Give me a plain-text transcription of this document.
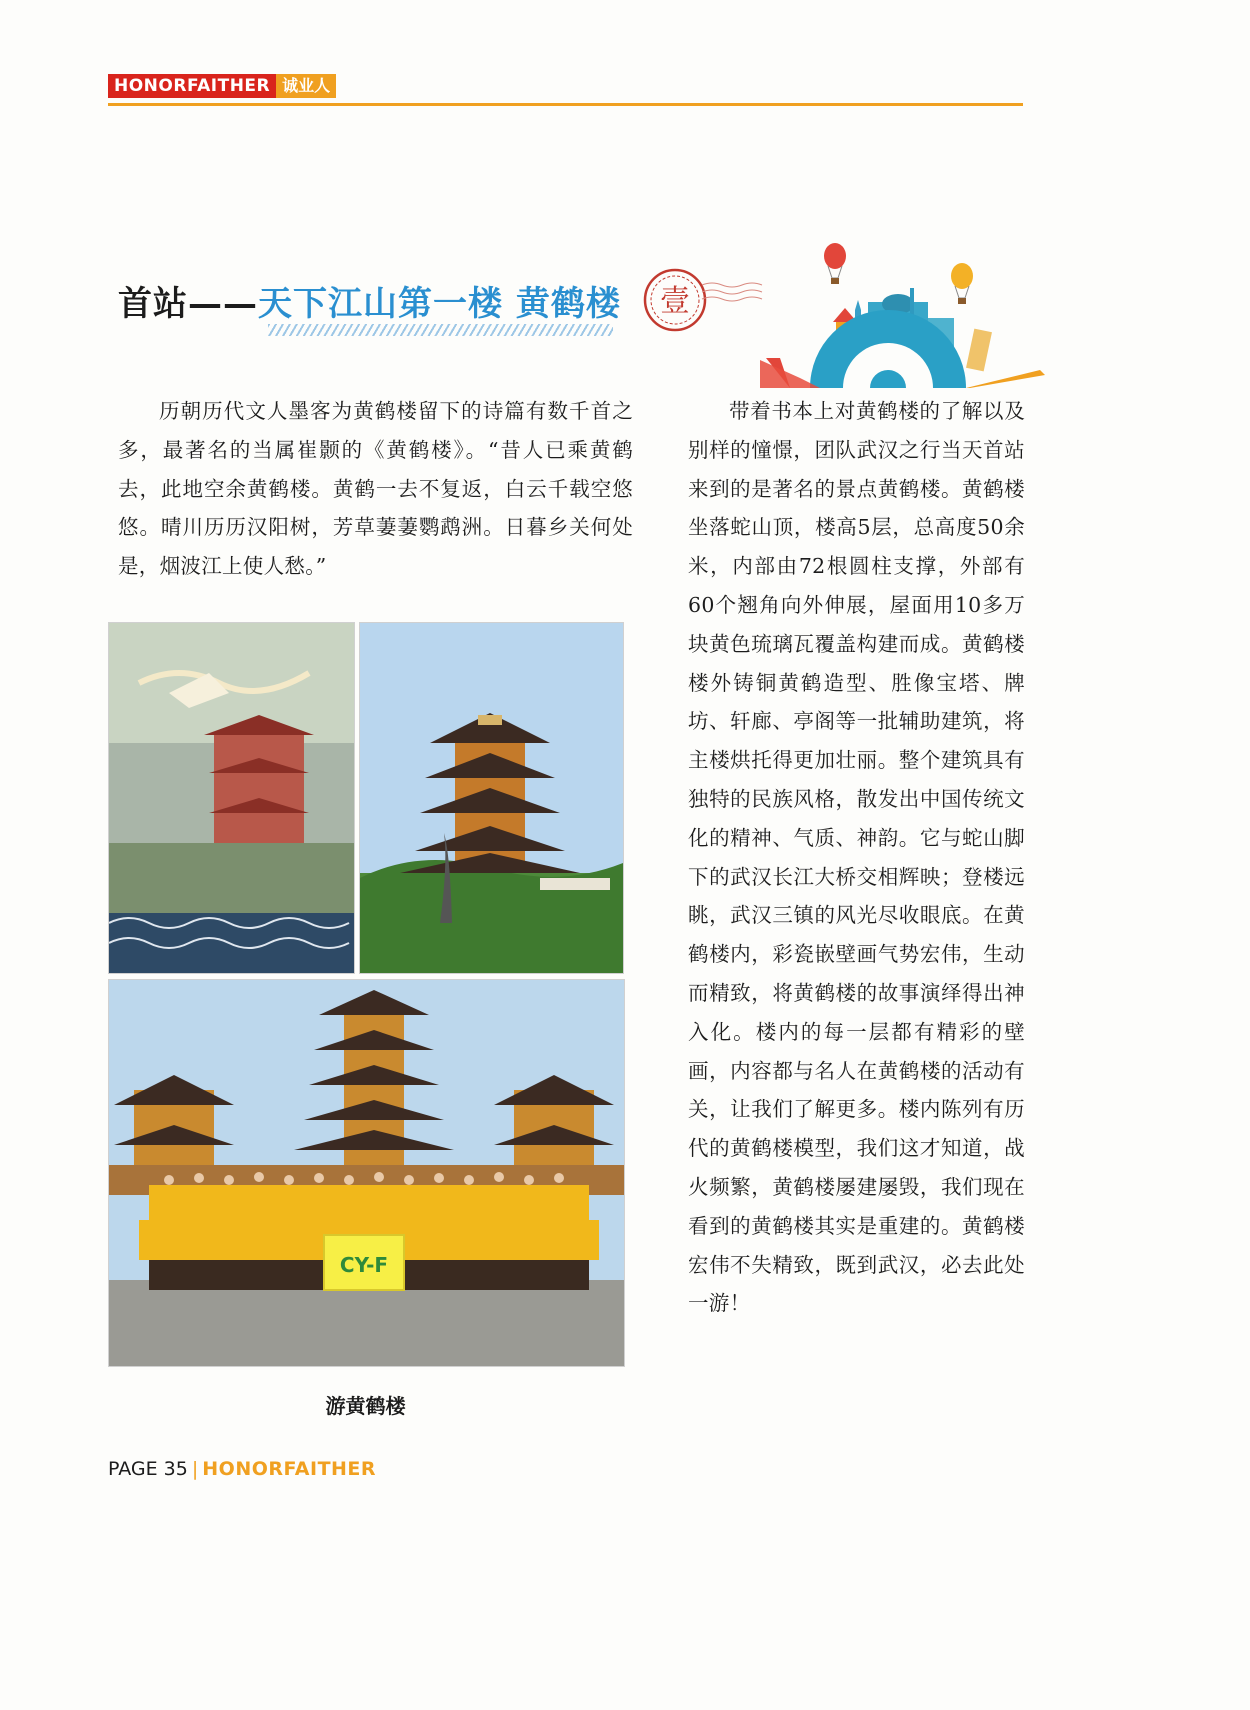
HONORFAITHER 诚业人
首站——天下江山第一楼 黄鹤楼 壹
历朝历代文人墨客为黄鹤楼留下的诗篇有数千首之多，最著名的当属崔颢的《黄鹤楼》。“昔人已乘黄鹤去，此地空余黄鹤楼。黄鹤一去不复返，白云千载空悠悠。晴川历历汉阳树，芳草萋萋鹦鹉洲。日暮乡关何处是，烟波江上使人愁。”
带着书本上对黄鹤楼的了解以及别样的憧憬，团队武汉之行当天首站来到的是著名的景点黄鹤楼。黄鹤楼坐落蛇山顶，楼高5层，总高度50余米，内部由72根圆柱支撑，外部有60个翘角向外伸展，屋面用10多万块黄色琉璃瓦覆盖构建而成。黄鹤楼楼外铸铜黄鹤造型、胜像宝塔、牌坊、轩廊、亭阁等一批辅助建筑，将主楼烘托得更加壮丽。整个建筑具有独特的民族风格，散发出中国传统文化的精神、气质、神韵。它与蛇山脚下的武汉长江大桥交相辉映；登楼远眺，武汉三镇的风光尽收眼底。在黄鹤楼内，彩瓷嵌壁画气势宏伟，生动而精致，将黄鹤楼的故事演绎得出神入化。楼内的每一层都有精彩的壁画，内容都与名人在黄鹤楼的活动有关，让我们了解更多。楼内陈列有历代的黄鹤楼模型，我们这才知道，战火频繁，黄鹤楼屡建屡毁，我们现在看到的黄鹤楼其实是重建的。黄鹤楼宏伟不失精致，既到武汉，必去此处一游！
CY-F
游黄鹤楼
PAGE 35 | HONORFAITHER
